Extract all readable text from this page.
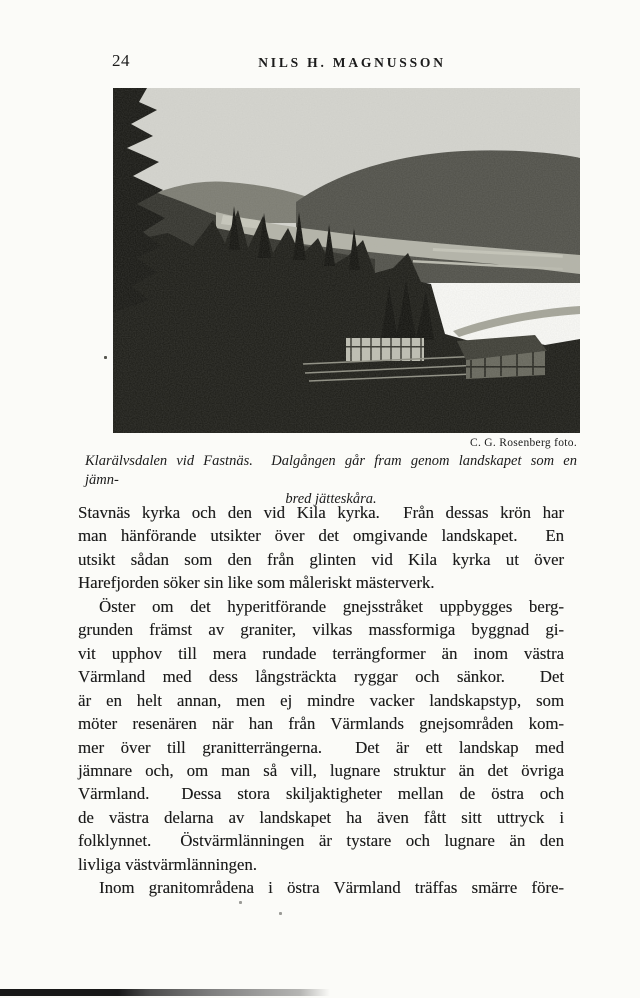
24	NILS H. MAGNUSSON
C. G. Rosenberg foto.
Klarälvsdalen vid Fastnäs.  Dalgången går fram genom landskapet som en jämn-
bred jätteskåra.
Stavnäs kyrka och den vid Kila kyrka.  Från dessas krön har
man hänförande utsikter över det omgivande landskapet.  En
utsikt sådan som den från glinten vid Kila kyrka ut över
Harefjorden söker sin like som måleriskt mästerverk.
Öster om det hyperitförande gnejsstråket uppbygges berg-
grunden främst av graniter, vilkas massformiga byggnad gi-
vit upphov till mera rundade terrängformer än inom västra
Värmland med dess långsträckta ryggar och sänkor.  Det
är en helt annan, men ej mindre vacker landskapstyp, som
möter resenären när han från Värmlands gnejsområden kom-
mer över till granitterrängerna.  Det är ett landskap med
jämnare och, om man så vill, lugnare struktur än det övriga
Värmland.  Dessa stora skiljaktigheter mellan de östra och
de västra delarna av landskapet ha även fått sitt uttryck i
folklynnet.  Östvärmlänningen är tystare och lugnare än den
livliga västvärmlänningen.
Inom granitområdena i östra Värmland träffas smärre före-
